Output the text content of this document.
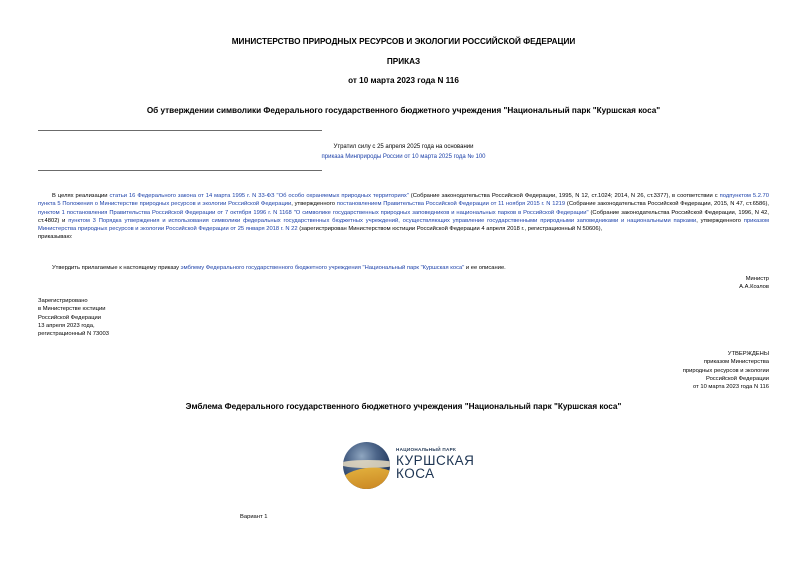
МИНИСТЕРСТВО ПРИРОДНЫХ РЕСУРСОВ И ЭКОЛОГИИ РОССИЙСКОЙ ФЕДЕРАЦИИ
ПРИКАЗ
от 10 марта 2023 года N 116
Об утверждении символики Федерального государственного бюджетного учреждения "Национальный парк "Куршская коса"
Утратил силу с 25 апреля 2025 года на основании
приказа Минприроды России от 10 марта 2025 года № 100
В целях реализации статьи 16 Федерального закона от 14 марта 1995 г. N 33-ФЗ "Об особо охраняемых природных территориях" (Собрание законодательства Российской Федерации, 1995, N 12, ст.1024; 2014, N 26, ст.3377), в соответствии с подпунктом 5.2.70 пункта 5 Положения о Министерстве природных ресурсов и экологии Российской Федерации, утвержденного постановлением Правительства Российской Федерации от 11 ноября 2015 г. N 1219 (Собрание законодательства Российской Федерации, 2015, N 47, ст.6586), пунктом 1 постановления Правительства Российской Федерации от 7 октября 1996 г. N 1168 "О символике государственных природных заповедников и национальных парков в Российской Федерации" (Собрание законодательства Российской Федерации, 1996, N 42, ст.4802) и пунктом 3 Порядка утверждения и использования символики федеральных государственных бюджетных учреждений, осуществляющих управление государственными природными заповедниками и национальными парками, утвержденного приказом Министерства природных ресурсов и экологии Российской Федерации от 25 января 2018 г. N 22 (зарегистрирован Министерством юстиции Российской Федерации 4 апреля 2018 г., регистрационный N 50606),
приказываю:
Утвердить прилагаемые к настоящему приказу эмблему Федерального государственного бюджетного учреждения "Национальный парк "Куршская коса" и ее описание.
Министр
А.А.Козлов
Зарегистрировано
в Министерстве юстиции
Российской Федерации
13 апреля 2023 года,
регистрационный N 73003
УТВЕРЖДЕНЫ
приказом Министерства
природных ресурсов и экологии
Российской Федерации
от 10 марта 2023 года N 116
Эмблема Федерального государственного бюджетного учреждения "Национальный парк "Куршская коса"
НАЦИОНАЛЬНЫЙ ПАРК
КУРШСКАЯ
КОСА
Вариант 1
